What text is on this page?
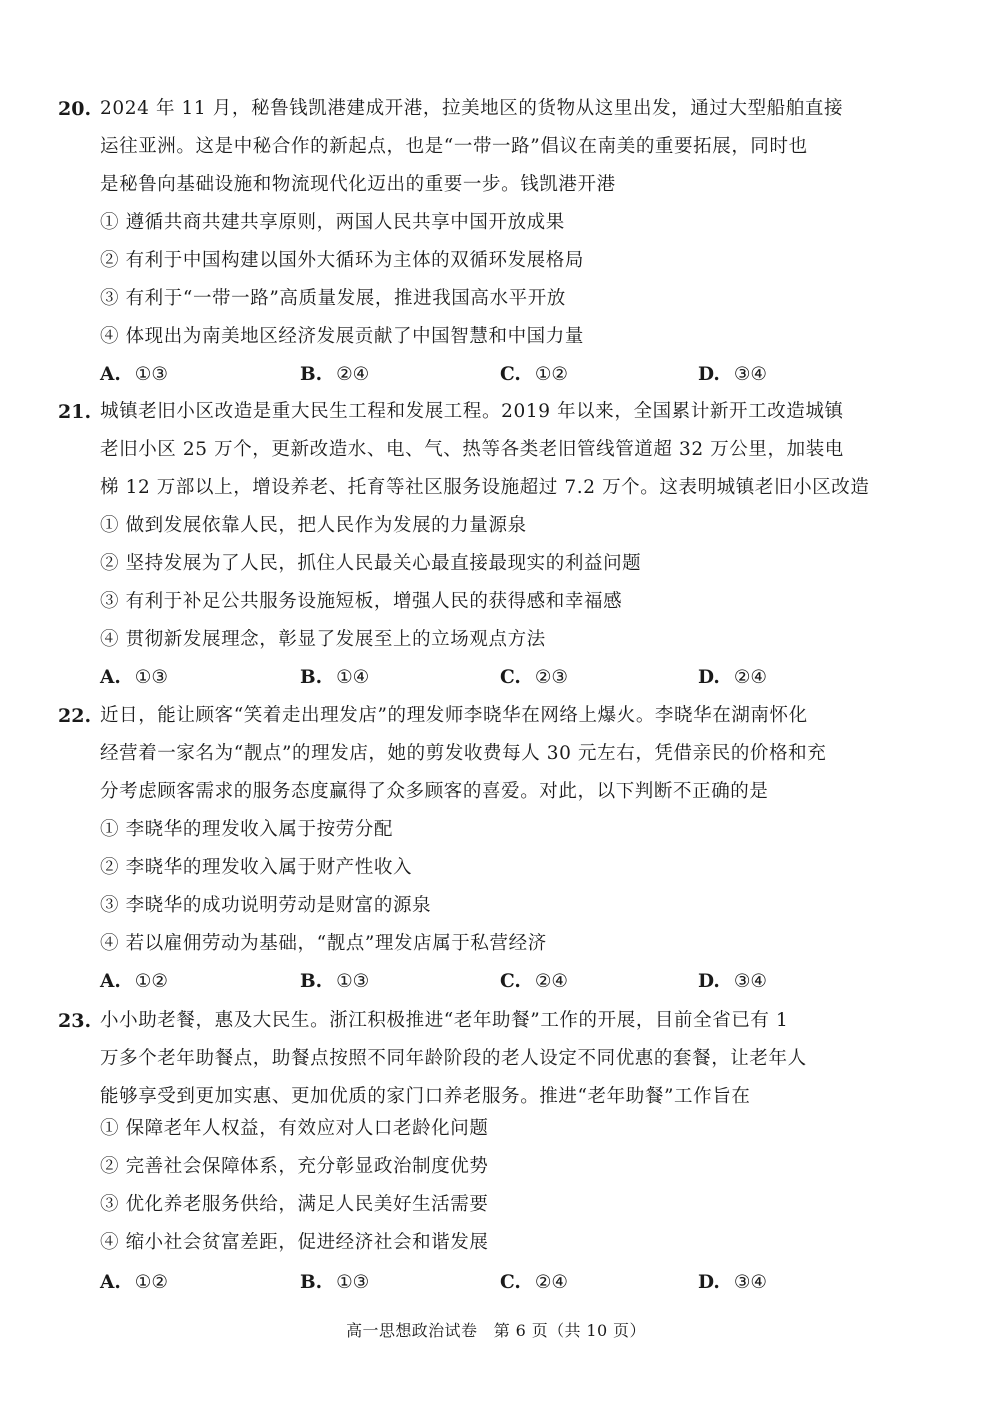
20. 2024 年 11 月，秘鲁钱凯港建成开港，拉美地区的货物从这里出发，通过大型船舶直接
运往亚洲。这是中秘合作的新起点，也是“一带一路”倡议在南美的重要拓展，同时也
是秘鲁向基础设施和物流现代化迈出的重要一步。钱凯港开港
① 遵循共商共建共享原则，两国人民共享中国开放成果
② 有利于中国构建以国外大循环为主体的双循环发展格局
③ 有利于“一带一路”高质量发展，推进我国高水平开放
④ 体现出为南美地区经济发展贡献了中国智慧和中国力量
A. ①③	B. ②④	C. ①②	D. ③④
21. 城镇老旧小区改造是重大民生工程和发展工程。2019 年以来，全国累计新开工改造城镇
老旧小区 25 万个，更新改造水、电、气、热等各类老旧管线管道超 32 万公里，加装电
梯 12 万部以上，增设养老、托育等社区服务设施超过 7.2 万个。这表明城镇老旧小区改造
① 做到发展依靠人民，把人民作为发展的力量源泉
② 坚持发展为了人民，抓住人民最关心最直接最现实的利益问题
③ 有利于补足公共服务设施短板，增强人民的获得感和幸福感
④ 贯彻新发展理念，彰显了发展至上的立场观点方法
A. ①③	B. ①④	C. ②③	D. ②④
22. 近日，能让顾客“笑着走出理发店”的理发师李晓华在网络上爆火。李晓华在湖南怀化
经营着一家名为“靓点”的理发店，她的剪发收费每人 30 元左右，凭借亲民的价格和充
分考虑顾客需求的服务态度赢得了众多顾客的喜爱。对此，以下判断不正确的是
① 李晓华的理发收入属于按劳分配
② 李晓华的理发收入属于财产性收入
③ 李晓华的成功说明劳动是财富的源泉
④ 若以雇佣劳动为基础，“靓点”理发店属于私营经济
A. ①②	B. ①③	C. ②④	D. ③④
23. 小小助老餐，惠及大民生。浙江积极推进“老年助餐”工作的开展，目前全省已有 1
万多个老年助餐点，助餐点按照不同年龄阶段的老人设定不同优惠的套餐，让老年人
能够享受到更加实惠、更加优质的家门口养老服务。推进“老年助餐”工作旨在
① 保障老年人权益，有效应对人口老龄化问题
② 完善社会保障体系，充分彰显政治制度优势
③ 优化养老服务供给，满足人民美好生活需要
④ 缩小社会贫富差距，促进经济社会和谐发展
A. ①②	B. ①③	C. ②④	D. ③④
高一思想政治试卷　第 6 页（共 10 页）
